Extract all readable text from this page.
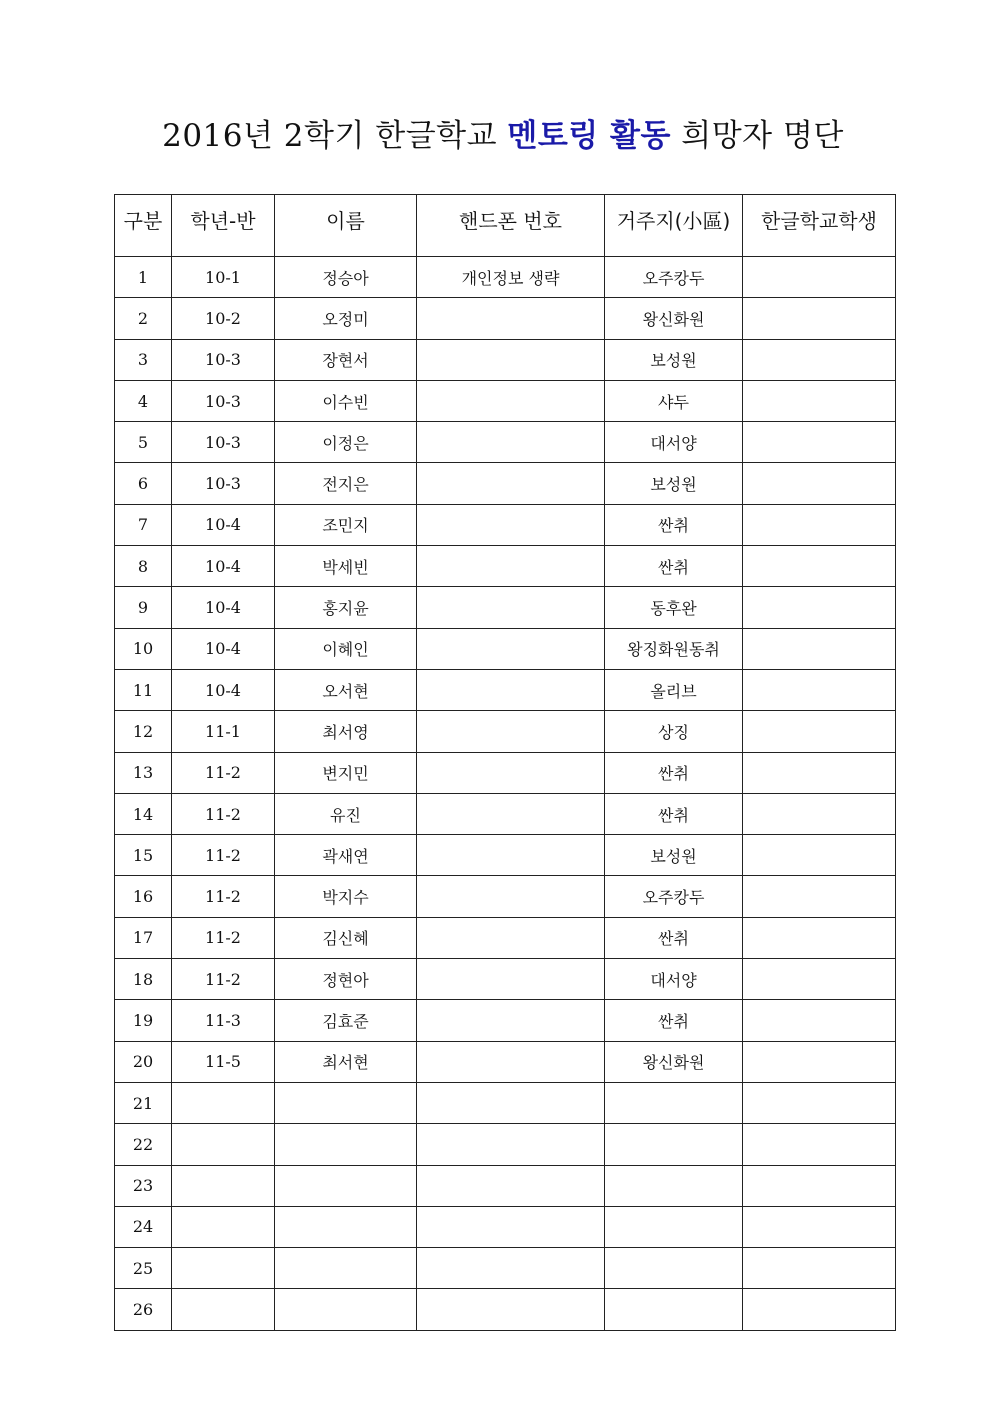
2016년 2학기 한글학교 멘토링 활동 희망자 명단
구분	학년-반	이름	핸드폰 번호	거주지(小區)	한글학교학생
1	10-1	정승아	개인정보 생략	오주캉두	
2	10-2	오정미		왕신화원	
3	10-3	장현서		보성원	
4	10-3	이수빈		샤두	
5	10-3	이정은		대서양	
6	10-3	전지은		보성원	
7	10-4	조민지		싼취	
8	10-4	박세빈		싼취	
9	10-4	홍지윤		동후완	
10	10-4	이혜인		왕징화원동취	
11	10-4	오서현		올리브	
12	11-1	최서영		상징	
13	11-2	변지민		싼취	
14	11-2	유진		싼취	
15	11-2	곽새연		보성원	
16	11-2	박지수		오주캉두	
17	11-2	김신혜		싼취	
18	11-2	정현아		대서양	
19	11-3	김효준		싼취	
20	11-5	최서현		왕신화원	
21					
22					
23					
24					
25					
26					
